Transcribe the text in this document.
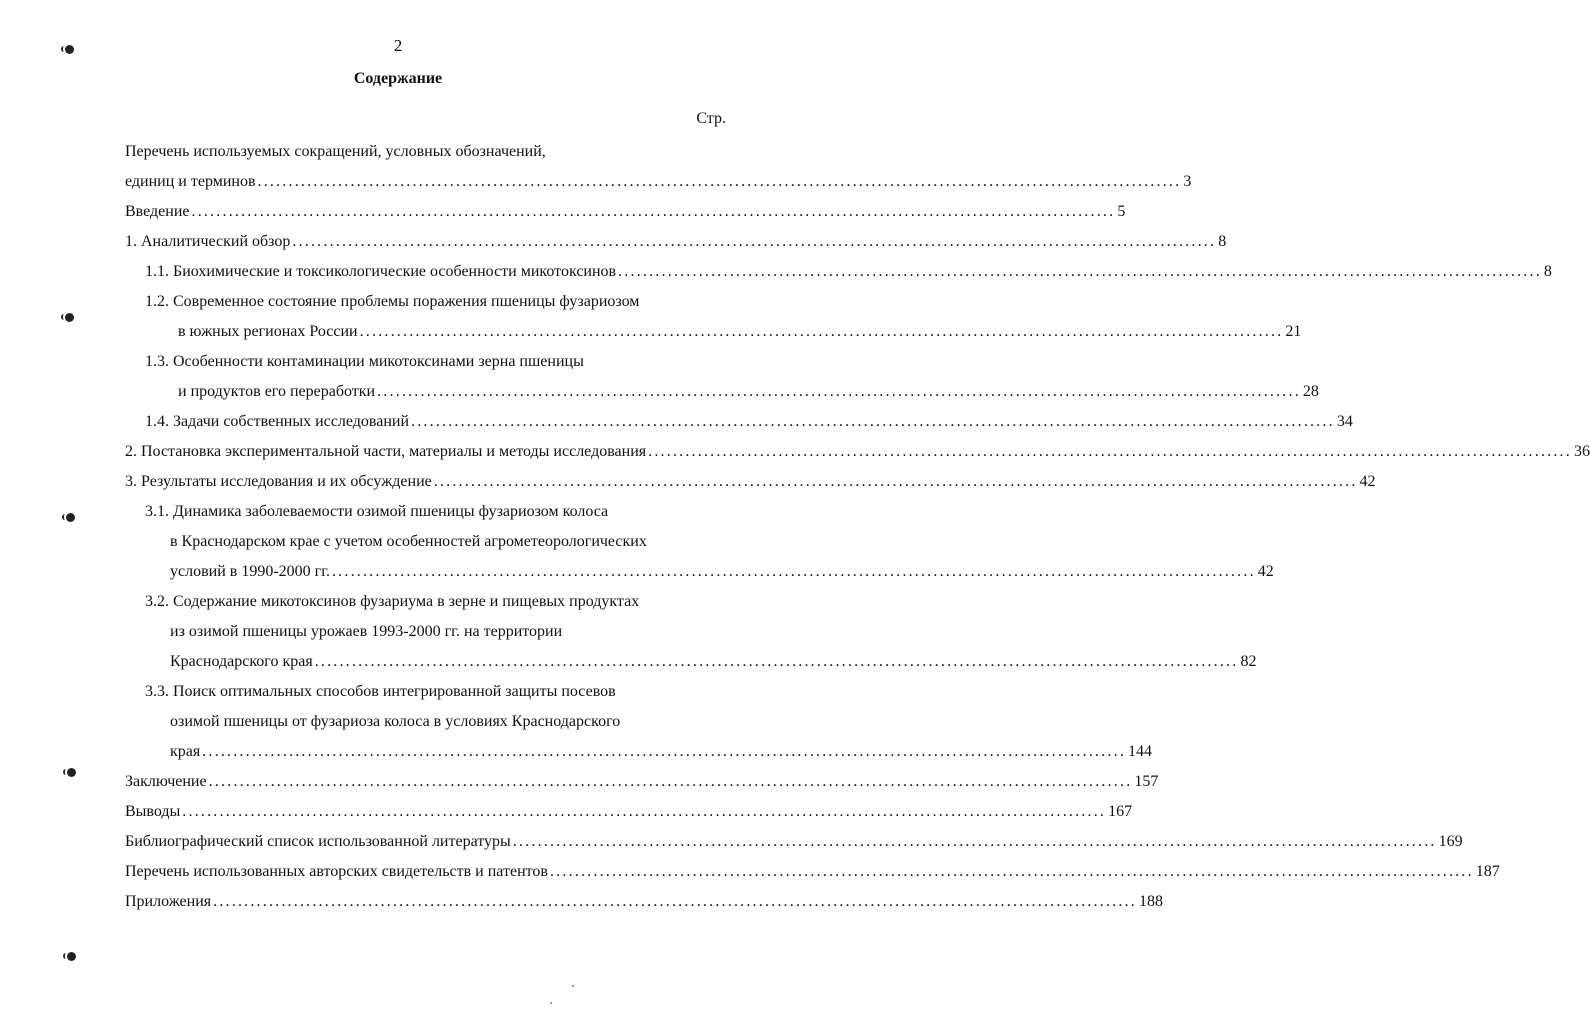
2
Содержание
Стр.
Перечень используемых сокращений, условных обозначений,
единиц и терминов ..................................................................................................................................................... 3
Введение ..................................................................................................................................................... 5
1. Аналитический обзор ..................................................................................................................................................... 8
1.1. Биохимические и токсикологические особенности микотоксинов ..................................................................................................................................................... 8
1.2. Современное состояние проблемы поражения пшеницы фузариозом
в южных регионах России ..................................................................................................................................................... 21
1.3. Особенности контаминации микотоксинами зерна пшеницы
и продуктов его переработки ..................................................................................................................................................... 28
1.4. Задачи собственных исследований ..................................................................................................................................................... 34
2. Постановка экспериментальной части, материалы и методы исследования ..................................................................................................................................................... 36
3. Результаты исследования и их обсуждение ..................................................................................................................................................... 42
3.1. Динамика заболеваемости озимой пшеницы фузариозом колоса
в Краснодарском крае с учетом особенностей агрометеорологических
условий в 1990-2000 гг. ..................................................................................................................................................... 42
3.2. Содержание микотоксинов фузариума в зерне и пищевых продуктах
из озимой пшеницы урожаев 1993-2000 гг. на территории
Краснодарского края ..................................................................................................................................................... 82
3.3. Поиск оптимальных способов интегрированной защиты посевов
озимой пшеницы от фузариоза колоса в условиях Краснодарского
края ..................................................................................................................................................... 144
Заключение ..................................................................................................................................................... 157
Выводы ..................................................................................................................................................... 167
Библиографический список использованной литературы ..................................................................................................................................................... 169
Перечень использованных авторских свидетельств и патентов ..................................................................................................................................................... 187
Приложения ..................................................................................................................................................... 188
